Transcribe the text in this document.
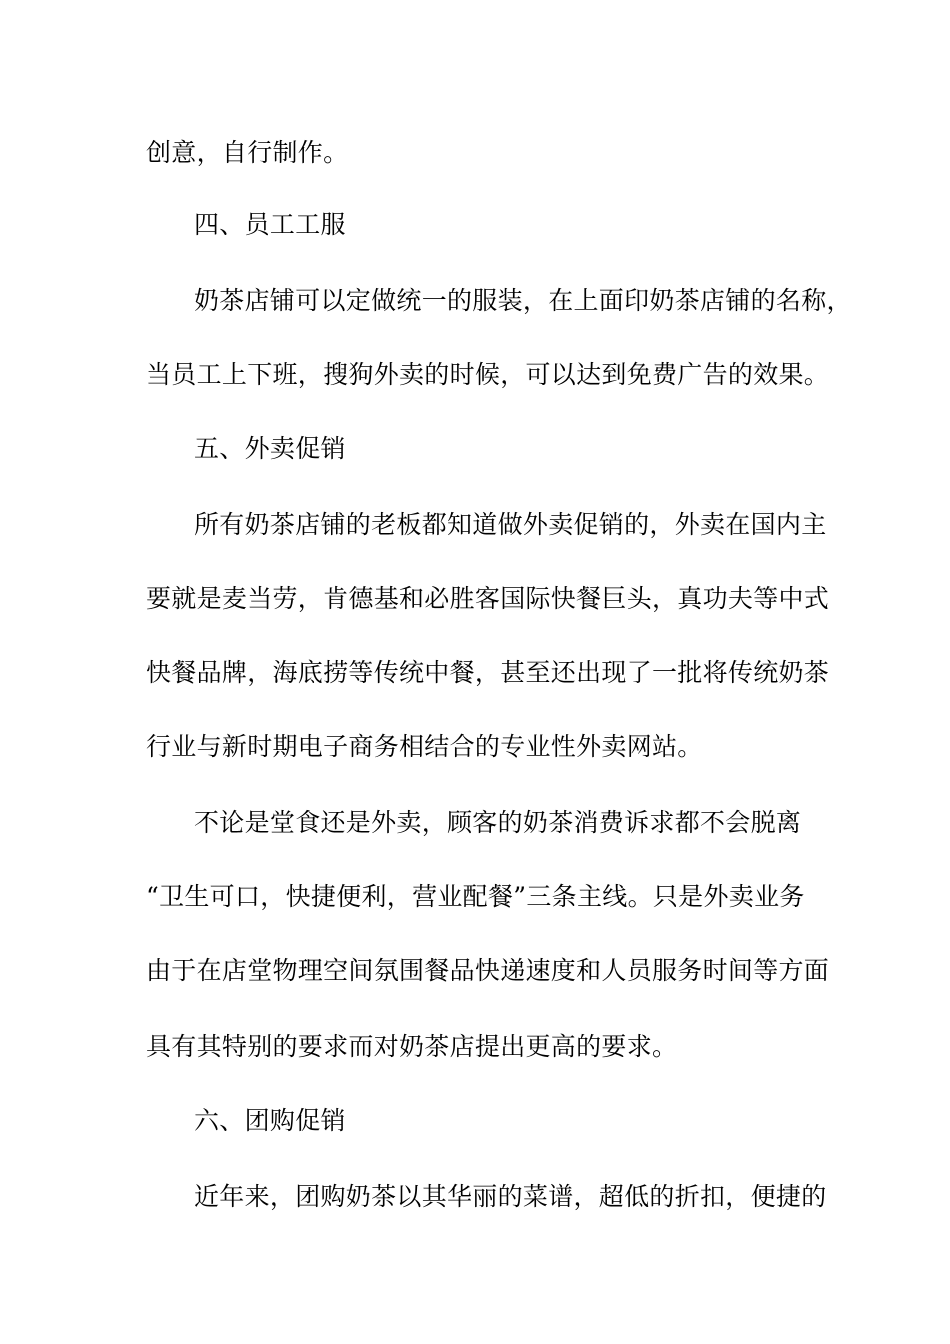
创意，自行制作。
四、员工工服
奶茶店铺可以定做统一的服装，在上面印奶茶店铺的名称，
当员工上下班，搜狗外卖的时候，可以达到免费广告的效果。
五、外卖促销
所有奶茶店铺的老板都知道做外卖促销的，外卖在国内主
要就是麦当劳，肯德基和必胜客国际快餐巨头，真功夫等中式
快餐品牌，海底捞等传统中餐，甚至还出现了一批将传统奶茶
行业与新时期电子商务相结合的专业性外卖网站。
不论是堂食还是外卖，顾客的奶茶消费诉求都不会脱离
“卫生可口，快捷便利，营业配餐”三条主线。只是外卖业务
由于在店堂物理空间氛围餐品快递速度和人员服务时间等方面
具有其特别的要求而对奶茶店提出更高的要求。
六、团购促销
近年来，团购奶茶以其华丽的菜谱，超低的折扣，便捷的
